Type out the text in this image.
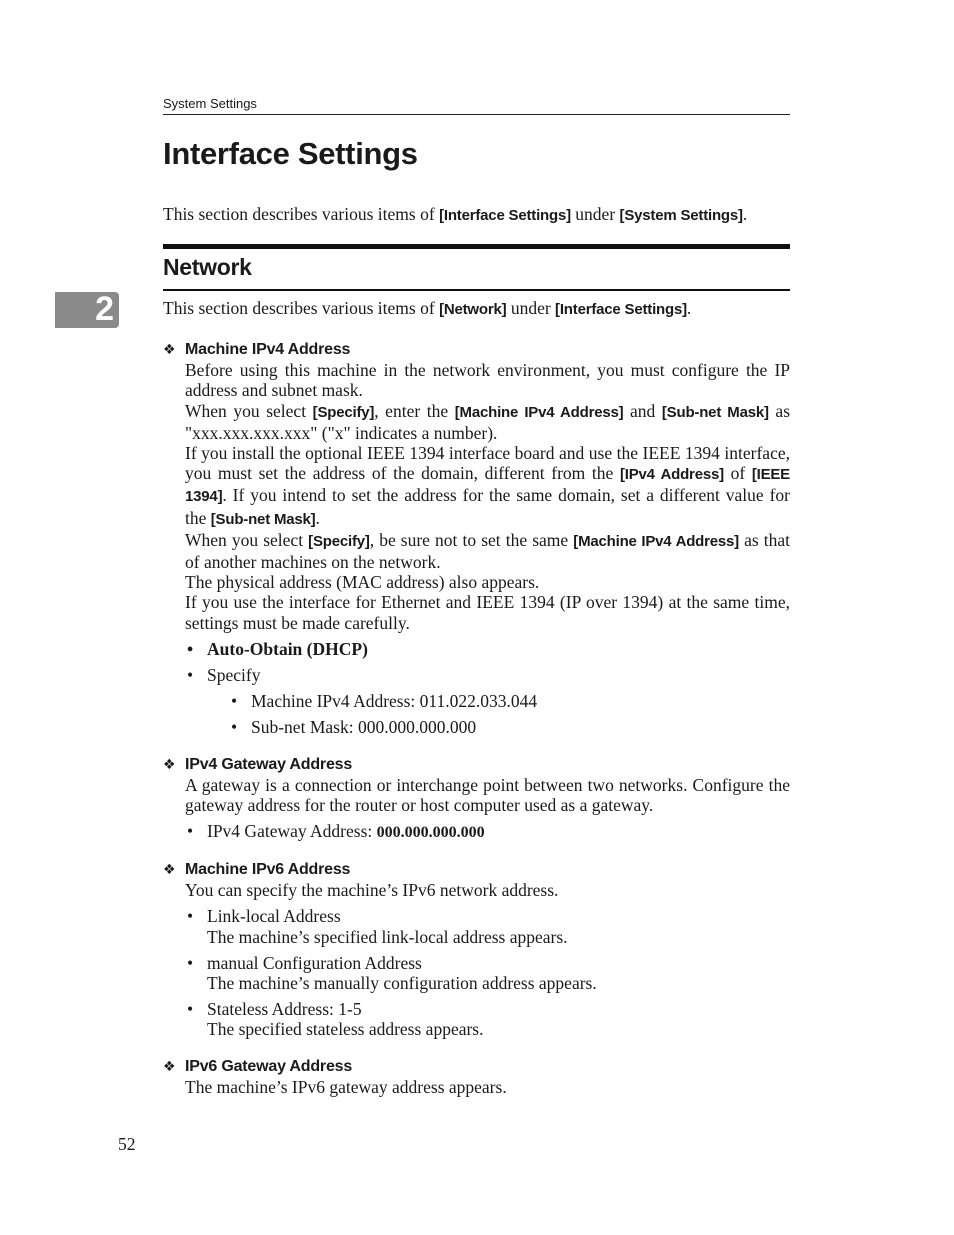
System Settings
Interface Settings

This section describes various items of [Interface Settings] under [System Settings].

Network
2	This section describes various items of [Network] under [Interface Settings].

❖ Machine IPv4 Address

Before using this machine in the network environment, you must configure the IP address and subnet mask.

When you select [Specify], enter the [Machine IPv4 Address] and [Sub-net Mask] as "xxx.xxx.xxx.xxx" ("x" indicates a number).

If you install the optional IEEE 1394 interface board and use the IEEE 1394 interface, you must set the address of the domain, different from the [IPv4 Address] of [IEEE 1394]. If you intend to set the address for the same domain, set a different value for the [Sub-net Mask].

When you select [Specify], be sure not to set the same [Machine IPv4 Address] as that of another machines on the network.

The physical address (MAC address) also appears.

If you use the interface for Ethernet and IEEE 1394 (IP over 1394) at the same time, settings must be made carefully.

• Auto-Obtain (DHCP)
• Specify
• Machine IPv4 Address: 011.022.033.044
• Sub-net Mask: 000.000.000.000
❖ IPv4 Gateway Address

A gateway is a connection or interchange point between two networks. Configure the gateway address for the router or host computer used as a gateway.

• IPv4 Gateway Address: 000.000.000.000
❖ Machine IPv6 Address

You can specify the machine’s IPv6 network address.

• Link-local Address
The machine’s specified link-local address appears.
• manual Configuration Address
The machine’s manually configuration address appears.
• Stateless Address: 1-5
The specified stateless address appears.
❖ IPv6 Gateway Address

The machine’s IPv6 gateway address appears.

52
